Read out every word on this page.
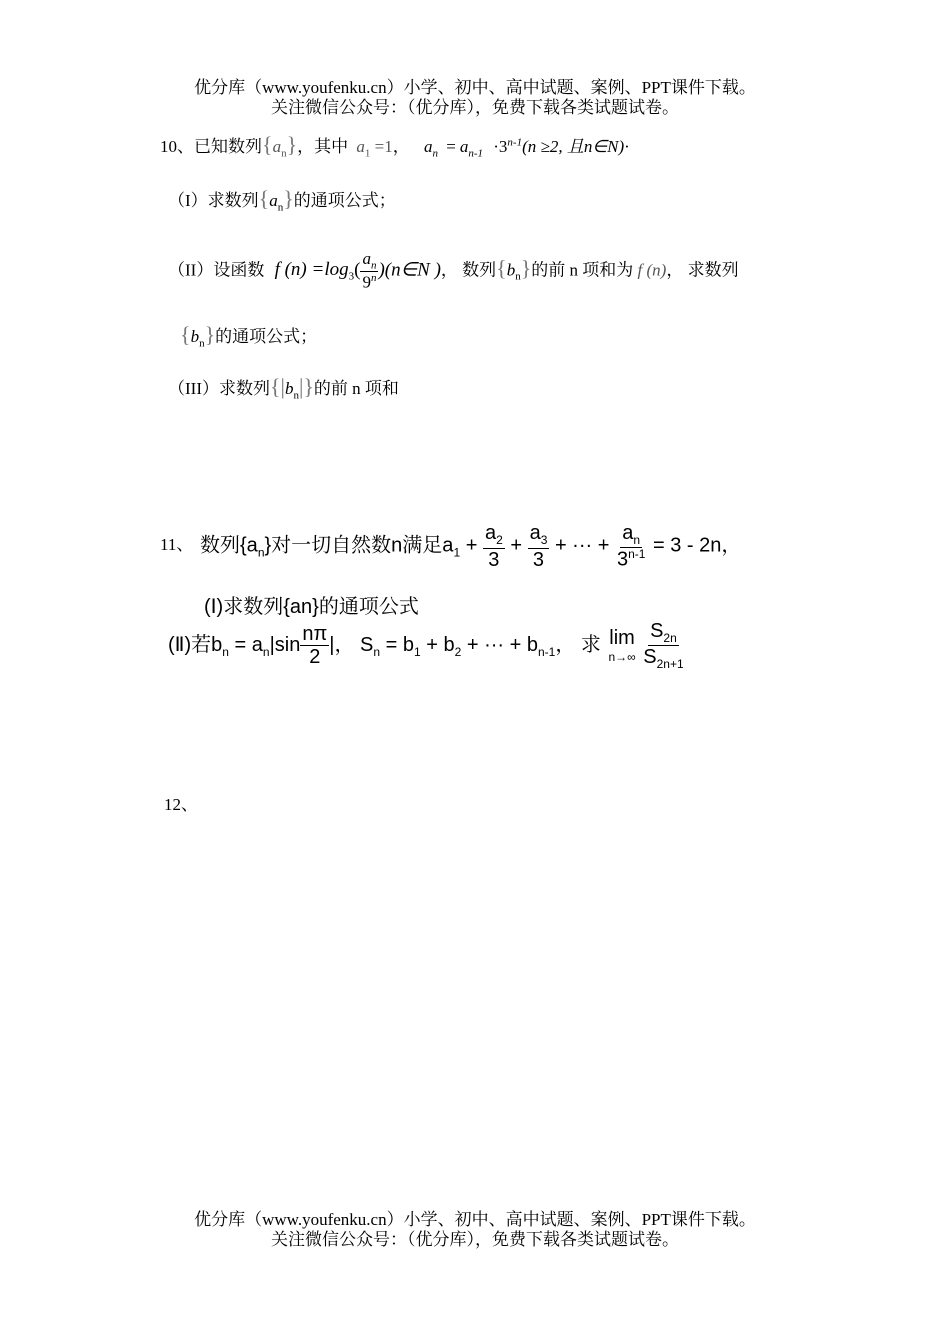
优分库（www.youfenku.cn）小学、初中、高中试题、案例、PPT课件下载。
关注微信公众号：（优分库），免费下载各类试题试卷。
10、已知数列$\{a_n\}$，其中 $a_1 =1$， $a_n = a_{n-1} \cdot 3^{n-1}(n \ge 2$, 且n∈N)·
（I）求数列$\{a_n\}$的通项公式；
（II）设函数 f $(n) =\log_3( \frac{a_n}{9^n}$ )(n∈N )， 数列$\{b_n\}$的前 n 项和为 f (n)， 求数列
$\{b_n\}$的通项公式；
（III）求数列$\{|b_n|\}$的前 n 项和
11、 数列$\{a_n\}$对一切自然数n满足$a_1 + \frac{a_2}{3} + \frac{a_3}{3}$ + ··· + $\frac{a_n}{3^{n-1}} = 3 - 2n$，
(Ⅰ)求数列{an}的通项公式
(Ⅱ)若$b_n = a_n|\sin \frac{n\pi}{2}$ |， $S_n = b_1 + b_2$ + ··· + $b_{n-1}$， 求 lim
n→∞
$\frac{S_{2n}}{S_{2n+1}}$
12、
优分库（www.youfenku.cn）小学、初中、高中试题、案例、PPT课件下载。
关注微信公众号：（优分库），免费下载各类试题试卷。
